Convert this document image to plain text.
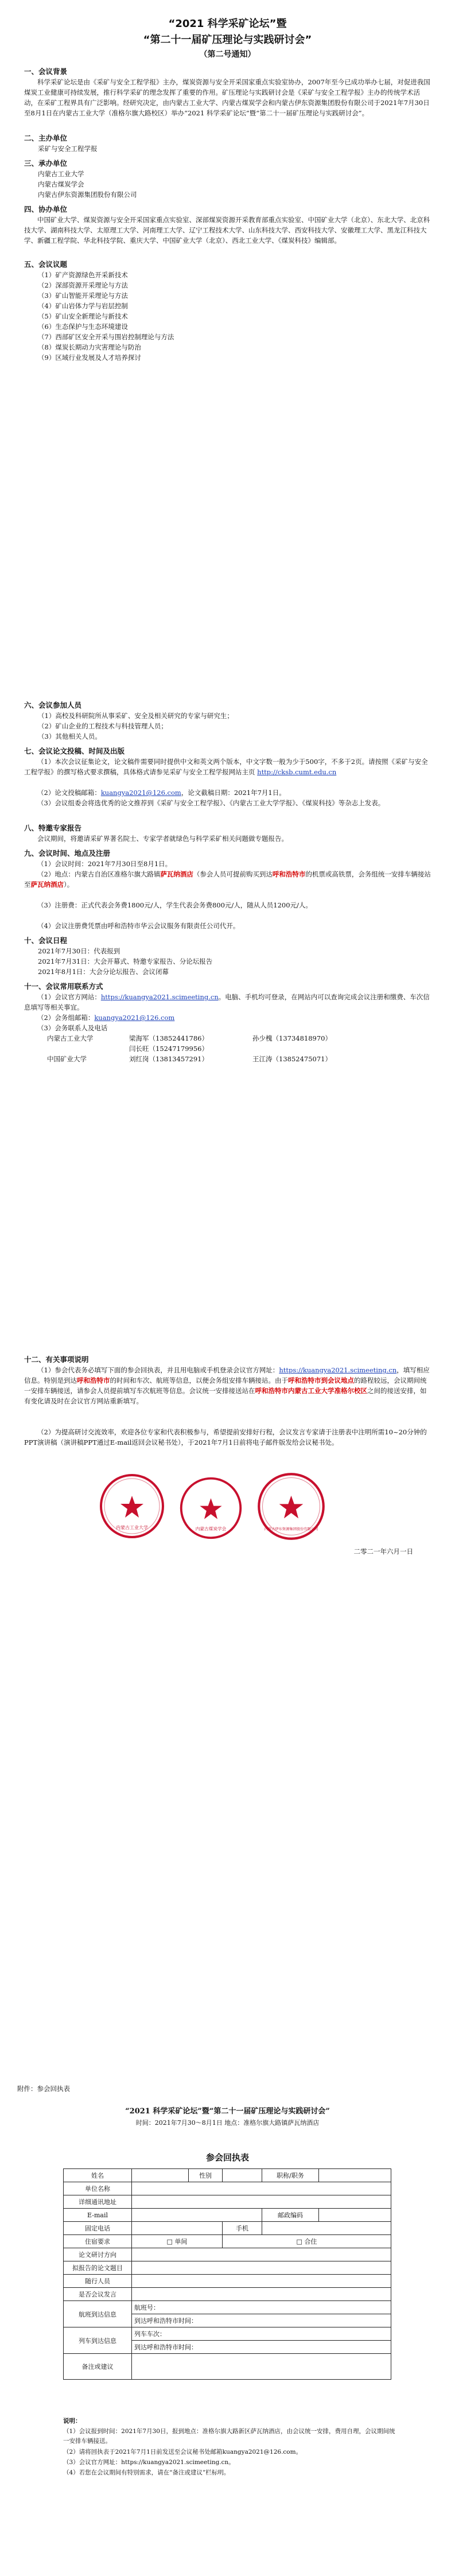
“2021 科学采矿论坛”暨
“第二十一届矿压理论与实践研讨会”
（第二号通知）
一、会议背景
科学采矿论坛是由《采矿与安全工程学报》主办，煤炭资源与安全开采国家重点实验室协办，2007年至今已成功举办七届，对促进我国煤炭工业健康可持续发展，推行科学采矿的理念发挥了重要的作用。矿压理论与实践研讨会是《采矿与安全工程学报》主办的传统学术活动，在采矿工程界具有广泛影响。经研究决定，由内蒙古工业大学、内蒙古煤炭学会和内蒙古伊东资源集团股份有限公司于2021年7月30日至8月1日在内蒙古工业大学（准格尔旗大路校区）举办“2021 科学采矿论坛”暨“第二十一届矿压理论与实践研讨会”。
二、主办单位
采矿与安全工程学报
三、承办单位
内蒙古工业大学
内蒙古煤炭学会
内蒙古伊东资源集团股份有限公司
四、协办单位
中国矿业大学、煤炭资源与安全开采国家重点实验室、深部煤炭资源开采教育部重点实验室、中国矿业大学（北京）、东北大学、北京科技大学、湖南科技大学、太原理工大学、河南理工大学、辽宁工程技术大学、山东科技大学、西安科技大学、安徽理工大学、黑龙江科技大学、新疆工程学院、华北科技学院、重庆大学、中国矿业大学（北京）、西北工业大学、《煤炭科技》编辑部。
五、会议议题
（1）矿产资源绿色开采新技术
（2）深部资源开采理论与方法
（3）矿山智能开采理论与方法
（4）矿山岩体力学与岩层控制
（5）矿山安全新理论与新技术
（6）生态保护与生态环境建设
（7）西部矿区安全开采与围岩控制理论与方法
（8）煤炭长期动力灾害理论与防治
（9）区域行业发展及人才培养探讨
六、会议参加人员
（1）高校及科研院所从事采矿、安全及相关研究的专家与研究生；
（2）矿山企业的工程技术与科技管理人员；
（3）其他相关人员。
七、会议论文投稿、时间及出版
（1）本次会议征集论文，论文稿件需要同时提供中文和英文两个版本，中文字数一般为少于500字，不多于2页。请按照《采矿与安全工程学报》的撰写格式要求撰稿，具体格式请参见采矿与安全工程学报网站主页 http://cksb.cumt.edu.cn
（2）论文投稿邮箱：kuangya2021@126.com，论文截稿日期：2021年7月1日。
（3）会议组委会将选优秀的论文推荐到《采矿与安全工程学报》、《内蒙古工业大学学报》、《煤炭科技》等杂志上发表。
八、特邀专家报告
会议期间，将邀请采矿界著名院士、专家学者就绿色与科学采矿相关问题做专题报告。
九、会议时间、地点及注册
（1）会议时间：2021年7月30日至8月1日。
（2）地点：内蒙古自治区准格尔旗大路镇萨瓦纳酒店（参会人员可提前购买到达呼和浩特市的机票或高铁票，会务组统一安排车辆接站至萨瓦纳酒店）。
（3）注册费：正式代表会务费1800元/人，学生代表会务费800元/人，随从人员1200元/人。
（4）会议注册费凭票由呼和浩特市华云会议服务有限责任公司代开。
十、会议日程
2021年7月30日：代表报到
2021年7月31日：大会开幕式、特邀专家报告、分论坛报告
2021年8月1日：大会分论坛报告、会议闭幕
十一、会议常用联系方式
（1）会议官方网站：https://kuangya2021.scimeeting.cn。电脑、手机均可登录，在网站内可以查询完成会议注册和缴费、车次信息填写等相关事宜。
（2）会务组邮箱：kuangya2021@126.com
（3）会务联系人及电话
内蒙古工业大学	梁海军（13852441786）	孙少槐（13734818970）
闫长旺（15247179956）
中国矿业大学	刘红岗（13813457291）	王江涛（13852475071）
十二、有关事项说明
（1）参会代表务必填写下面的参会回执表，并且用电脑或手机登录会议官方网址：https://kuangya2021.scimeeting.cn，填写相应信息。特别是到达呼和浩特市的时间和车次、航班等信息，以便会务组安排车辆接站。由于呼和浩特市到会议地点的路程较远，会议期间统一安排车辆接送，请参会人员提前填写车次航班等信息。会议统一安排接送站在呼和浩特市内蒙古工业大学准格尔校区之间的接送安排，如有变化请及时在会议官方网站重新填写。
（2）为提高研讨交流效率，欢迎各位专家和代表积极参与，希望提前安排好行程，会议发言专家请于注册表中注明所需10~20分钟的PPT演讲稿（演讲稿PPT通过E-mail返回会议秘书处），于2021年7月1日前将电子邮件版发给会议秘书处。
内蒙古工业大学	内蒙古煤炭学会	内蒙古伊东资源集团股份有限公司
二零二一年六月一日
附件：参会回执表
“2021 科学采矿论坛”暨“第二十一届矿压理论与实践研讨会”
时间：2021年7月30～8月1日 地点：准格尔旗大路镇萨瓦纳酒店
参会回执表
姓名		性别		职称/职务	
单位名称					
详细通讯地址					
E-mail				邮政编码	
固定电话			手机		
住宿要求	□ 单间		□ 合住		
论文研讨方向					
拟报告的论文题目					
随行人员					
是否会议发言					
航班到达信息	航班号：				
	到达呼和浩特市时间：				
列车到达信息	列车车次：				
	到达呼和浩特市时间：				
备注或建议					
说明：
（1）会议报到时间：2021年7月30日，报到地点：准格尔旗大路新区萨瓦纳酒店，由会议统一安排，费用自理，会议期间统一安排车辆接送。
（2）请将回执表于2021年7月1日前发送至会议秘书处邮箱kuangya2021@126.com。
（3）会议官方网址：https://kuangya2021.scimeeting.cn。
（4）若您在会议期间有特别需求，请在“备注或建议”栏标明。
